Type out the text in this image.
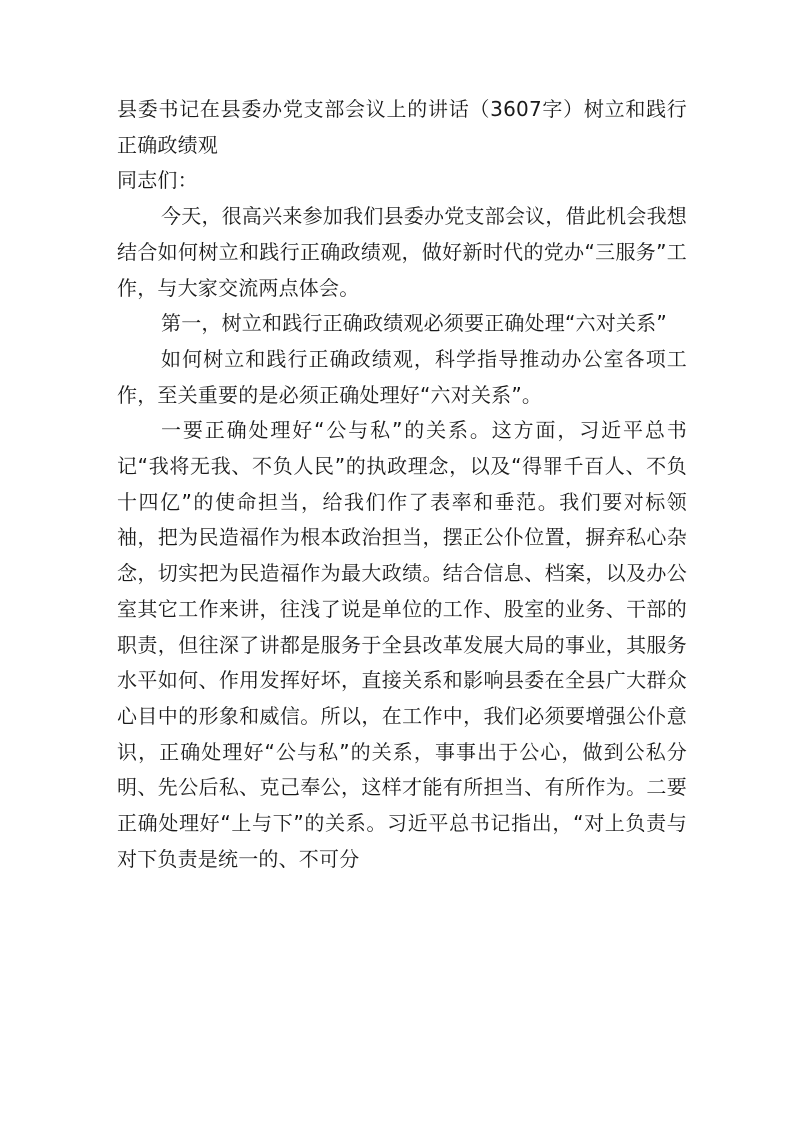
县委书记在县委办党支部会议上的讲话（3607字）树立和践行正确政绩观

同志们：

今天，很高兴来参加我们县委办党支部会议，借此机会我想结合如何树立和践行正确政绩观，做好新时代的党办“三服务”工作，与大家交流两点体会。

第一，树立和践行正确政绩观必须要正确处理“六对关系”

如何树立和践行正确政绩观，科学指导推动办公室各项工作，至关重要的是必须正确处理好“六对关系”。

一要正确处理好“公与私”的关系。这方面，习近平总书记“我将无我、不负人民”的执政理念，以及“得罪千百人、不负十四亿”的使命担当，给我们作了表率和垂范。我们要对标领袖，把为民造福作为根本政治担当，摆正公仆位置，摒弃私心杂念，切实把为民造福作为最大政绩。结合信息、档案，以及办公室其它工作来讲，往浅了说是单位的工作、股室的业务、干部的职责，但往深了讲都是服务于全县改革发展大局的事业，其服务水平如何、作用发挥好坏，直接关系和影响县委在全县广大群众心目中的形象和威信。所以，在工作中，我们必须要增强公仆意识，正确处理好“公与私”的关系，事事出于公心，做到公私分明、先公后私、克己奉公，这样才能有所担当、有所作为。二要正确处理好“上与下”的关系。习近平总书记指出，“对上负责与对下负责是统一的、不可分
